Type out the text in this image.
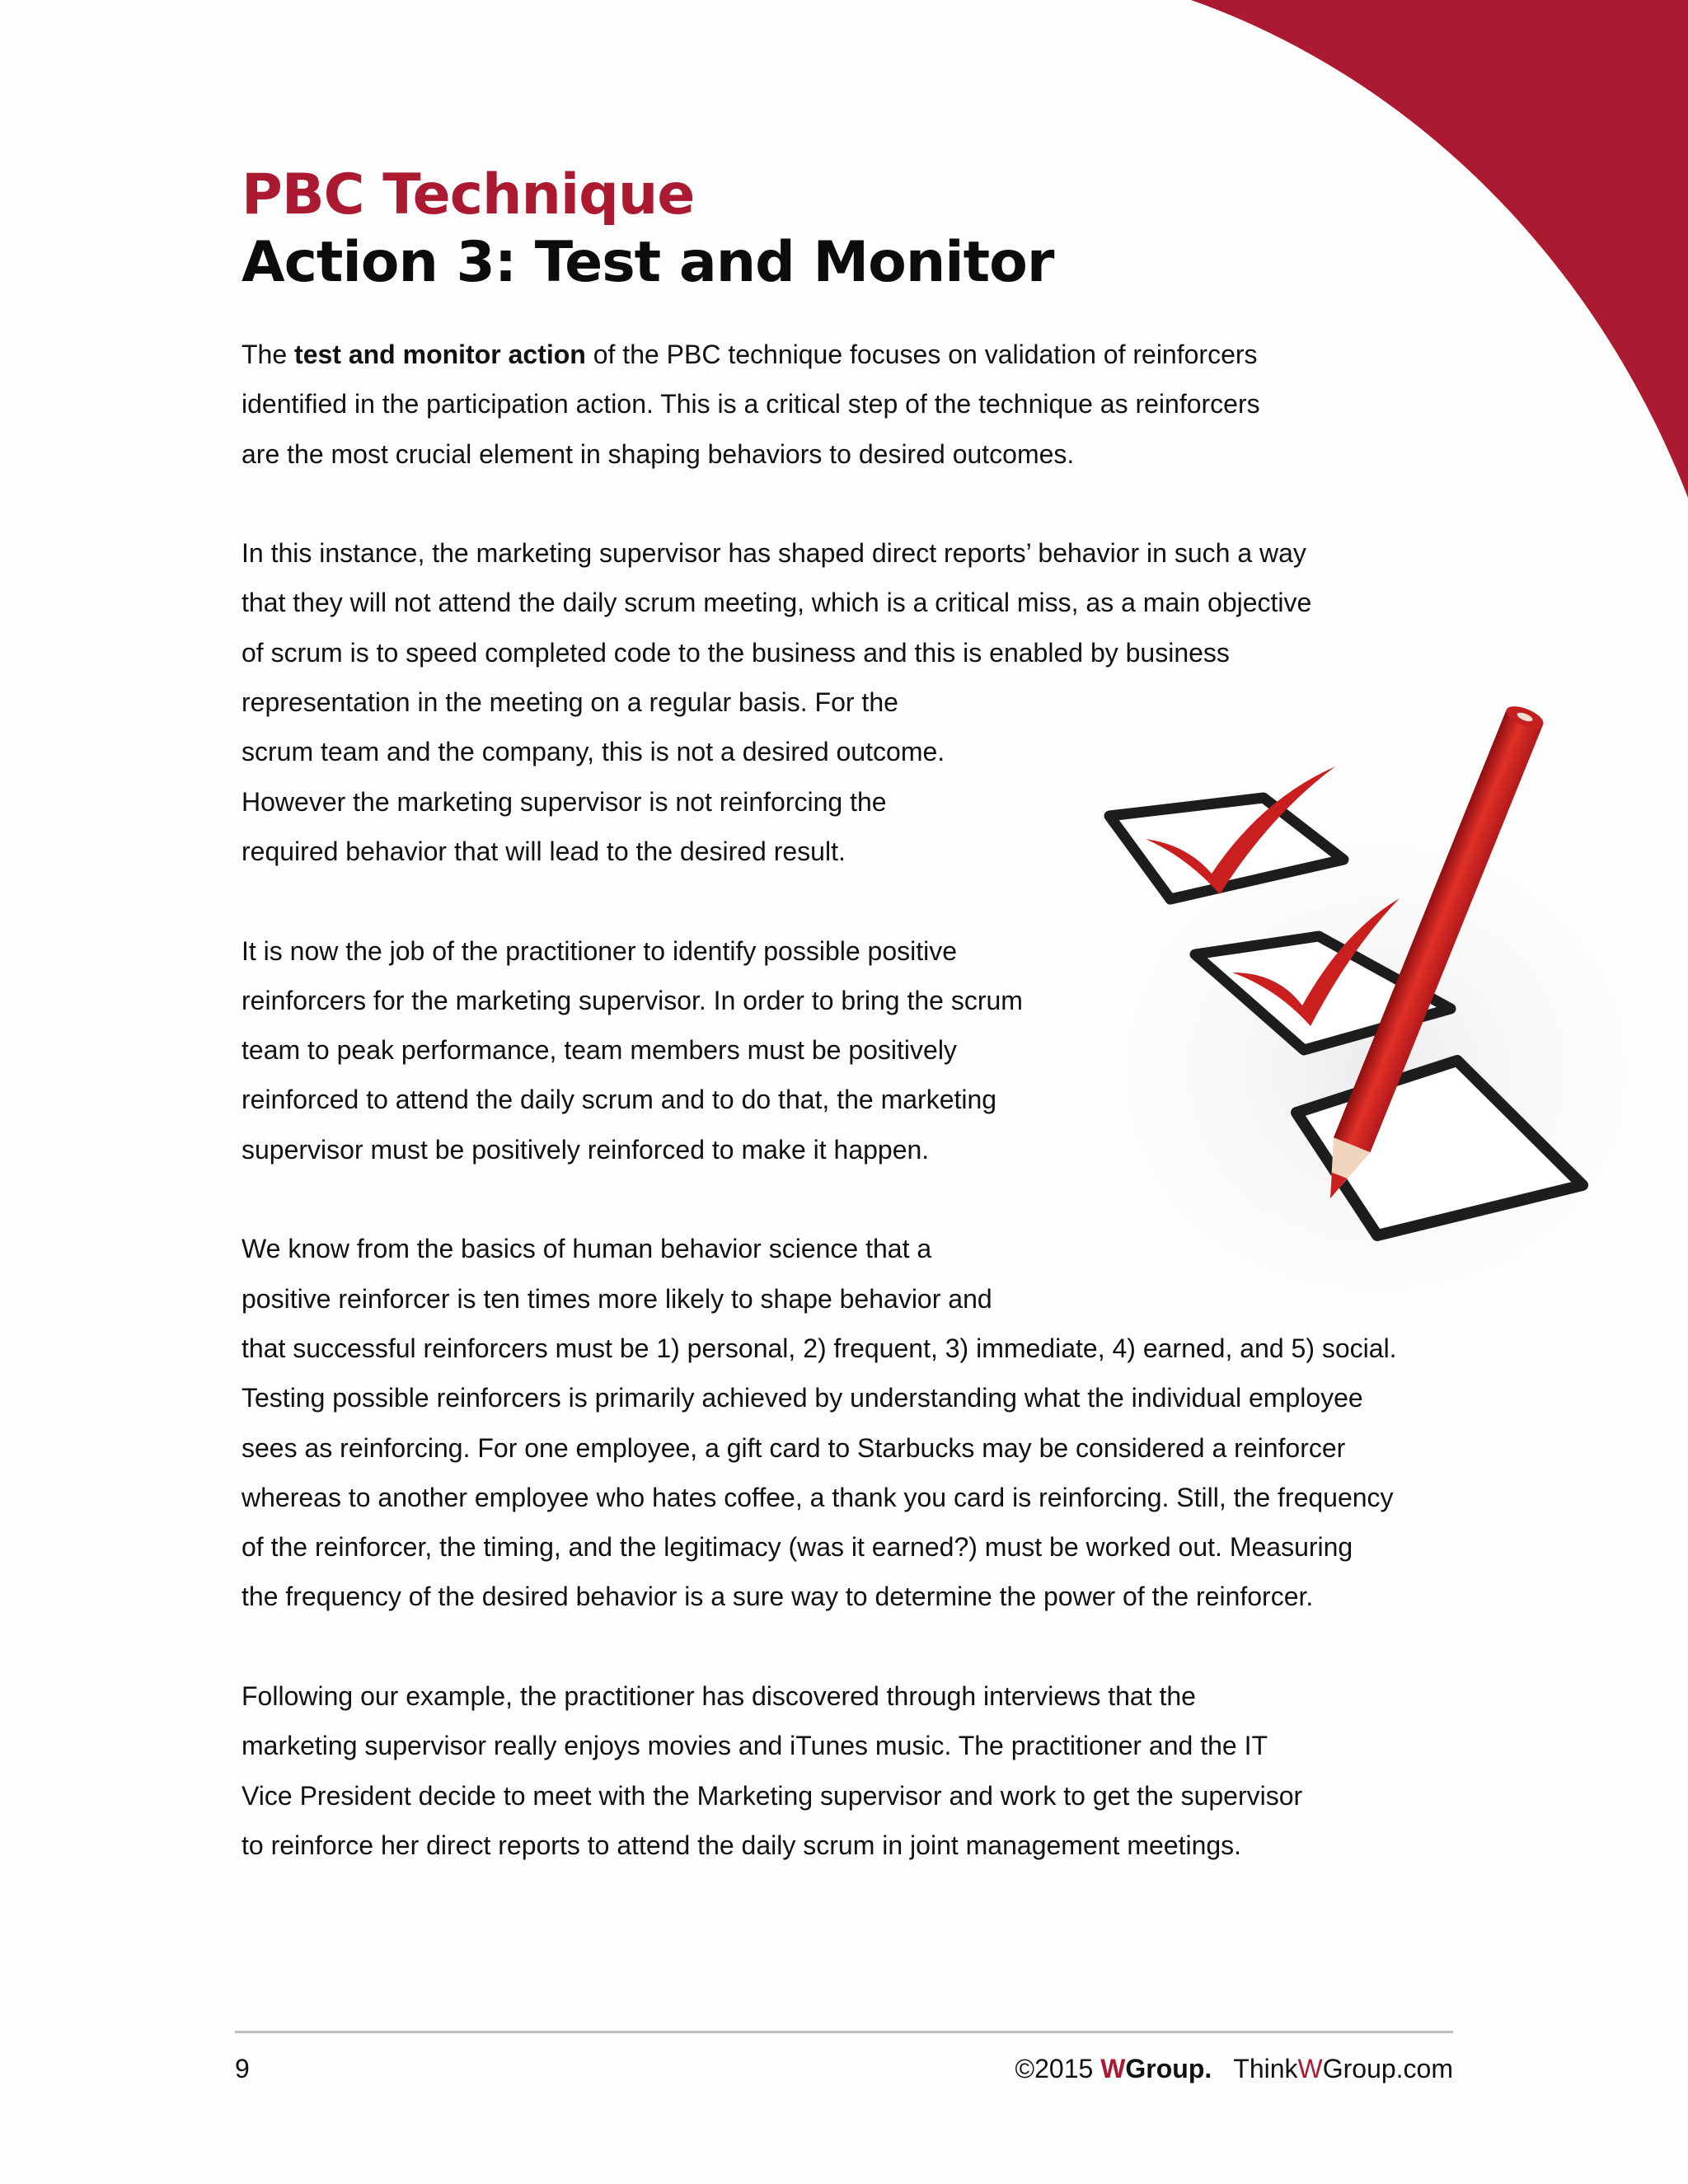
PBC Technique
Action 3: Test and Monitor

The test and monitor action of the PBC technique focuses on validation of reinforcers
identified in the participation action. This is a critical step of the technique as reinforcers
are the most crucial element in shaping behaviors to desired outcomes.

In this instance, the marketing supervisor has shaped direct reports’ behavior in such a way
that they will not attend the daily scrum meeting, which is a critical miss, as a main objective
of scrum is to speed completed code to the business and this is enabled by business
representation in the meeting on a regular basis. For the
scrum team and the company, this is not a desired outcome.
However the marketing supervisor is not reinforcing the
required behavior that will lead to the desired result.

It is now the job of the practitioner to identify possible positive
reinforcers for the marketing supervisor. In order to bring the scrum
team to peak performance, team members must be positively
reinforced to attend the daily scrum and to do that, the marketing
supervisor must be positively reinforced to make it happen.

We know from the basics of human behavior science that a
positive reinforcer is ten times more likely to shape behavior and
that successful reinforcers must be 1) personal, 2) frequent, 3) immediate, 4) earned, and 5) social.
Testing possible reinforcers is primarily achieved by understanding what the individual employee
sees as reinforcing. For one employee, a gift card to Starbucks may be considered a reinforcer
whereas to another employee who hates coffee, a thank you card is reinforcing. Still, the frequency
of the reinforcer, the timing, and the legitimacy (was it earned?) must be worked out. Measuring
the frequency of the desired behavior is a sure way to determine the power of the reinforcer.

Following our example, the practitioner has discovered through interviews that the
marketing supervisor really enjoys movies and iTunes music. The practitioner and the IT
Vice President decide to meet with the Marketing supervisor and work to get the supervisor
to reinforce her direct reports to attend the daily scrum in joint management meetings.

9	©2015 WGroup. ThinkWGroup.com
